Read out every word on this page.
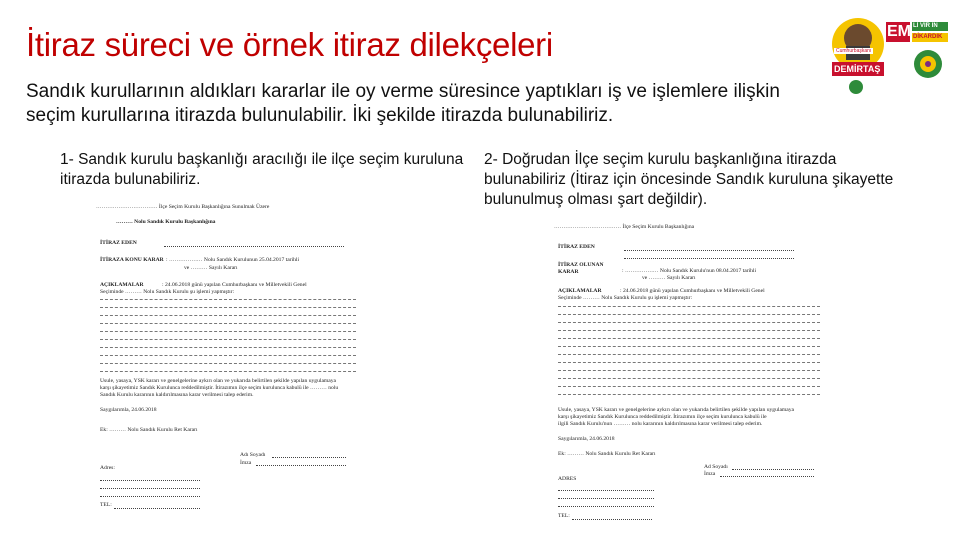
İtiraz süreci ve örnek itiraz dilekçeleri
Sandık kurullarının aldıkları kararlar ile oy verme süresince yaptıkları iş ve işlemlere ilişkin seçim kurullarına itirazda bulunulabilir. İki şekilde itirazda bulunabiliriz.
1- Sandık kurulu başkanlığı aracılığı ile ilçe seçim kuruluna itirazda bulunabiliriz.
2- Doğrudan İlçe seçim kurulu başkanlığına itirazda bulunabiliriz (İtiraz için öncesinde Sandık kuruluna şikayette bulunulmuş olması şart değildir).
Cumhurbaşkanı
DEMİRTAŞ
EM Lİ VIR IN
DİKARDIK
…………………………… İlçe Seçim Kurulu Başkanlığına Sunulmak Üzere
……… Nolu Sandık Kurulu Başkanlığına
İTİRAZ EDEN
İTİRAZA KONU KARAR : ……………… Nolu Sandık Kurulunun 25.04.2017 tarihli
ve ……… Sayılı Kararı
AÇIKLAMALAR	: 24.06.2018 günü yapılan Cumhurbaşkanı ve Milletvekili Genel
Seçiminde ……… Nolu Sandık Kurulu şu işlemi yapmıştır:
Usule, yasaya, YSK kararı ve genelgelerine aykırı olan ve yukarıda belirtilen şekilde yapılan uygulamaya
karşı şikayetimiz Sandık Kurulunca reddedilmiştir. İtirazımın ilçe seçim kurulunca kabulü ile ……… nolu
Sandık Kurulu kararının kaldırılmasına karar verilmesi talep ederim.
Saygılarımla, 24.06.2018
Ek: ……… Nolu Sandık Kurulu Ret Kararı
Adı Soyadı
İmza
Adres:
TEL:
……………………………… İlçe Seçim Kurulu Başkanlığına
İTİRAZ EDEN
İTİRAZ OLUNAN KARAR	: ……………… Nolu Sandık Kurulu'nun 08.04.2017 tarihli
ve ……… Sayılı Kararı
AÇIKLAMALAR	: 24.06.2018 günü yapılan Cumhurbaşkanı ve Milletvekili Genel
Seçiminde ……… Nolu Sandık Kurulu şu işlemi yapmıştır:
Usule, yasaya, YSK kararı ve genelgelerine aykırı olan ve yukarıda belirtilen şekilde yapılan uygulamaya
karşı şikayetimiz Sandık Kurulunca reddedilmiştir. İtirazımın ilçe seçim kurulunca kabulü ile
ilgili Sandık Kurulu'nun ……… nolu kararının kaldırılmasına karar verilmesi talep ederim.
Saygılarımla, 24.06.2018
Ek: ……… Nolu Sandık Kurulu Ret Kararı
Ad Soyadı
İmza
ADRES
TEL:
